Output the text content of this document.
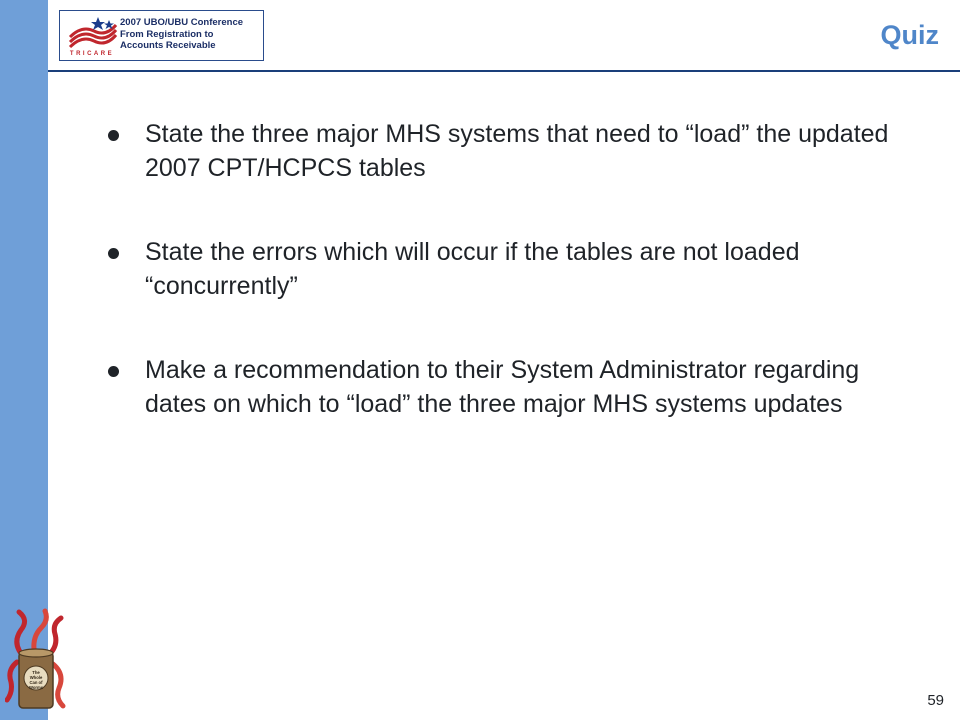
TRICARE
2007 UBO/UBU Conference
From Registration to
Accounts Receivable	Quiz
State the three major MHS systems that need to “load” the updated 2007 CPT/HCPCS tables
State the errors which will occur if the tables are not loaded “concurrently”
Make a recommendation to their System Administrator regarding dates on which to “load” the three major MHS systems updates
The
Whole
Can of
Worms
59
